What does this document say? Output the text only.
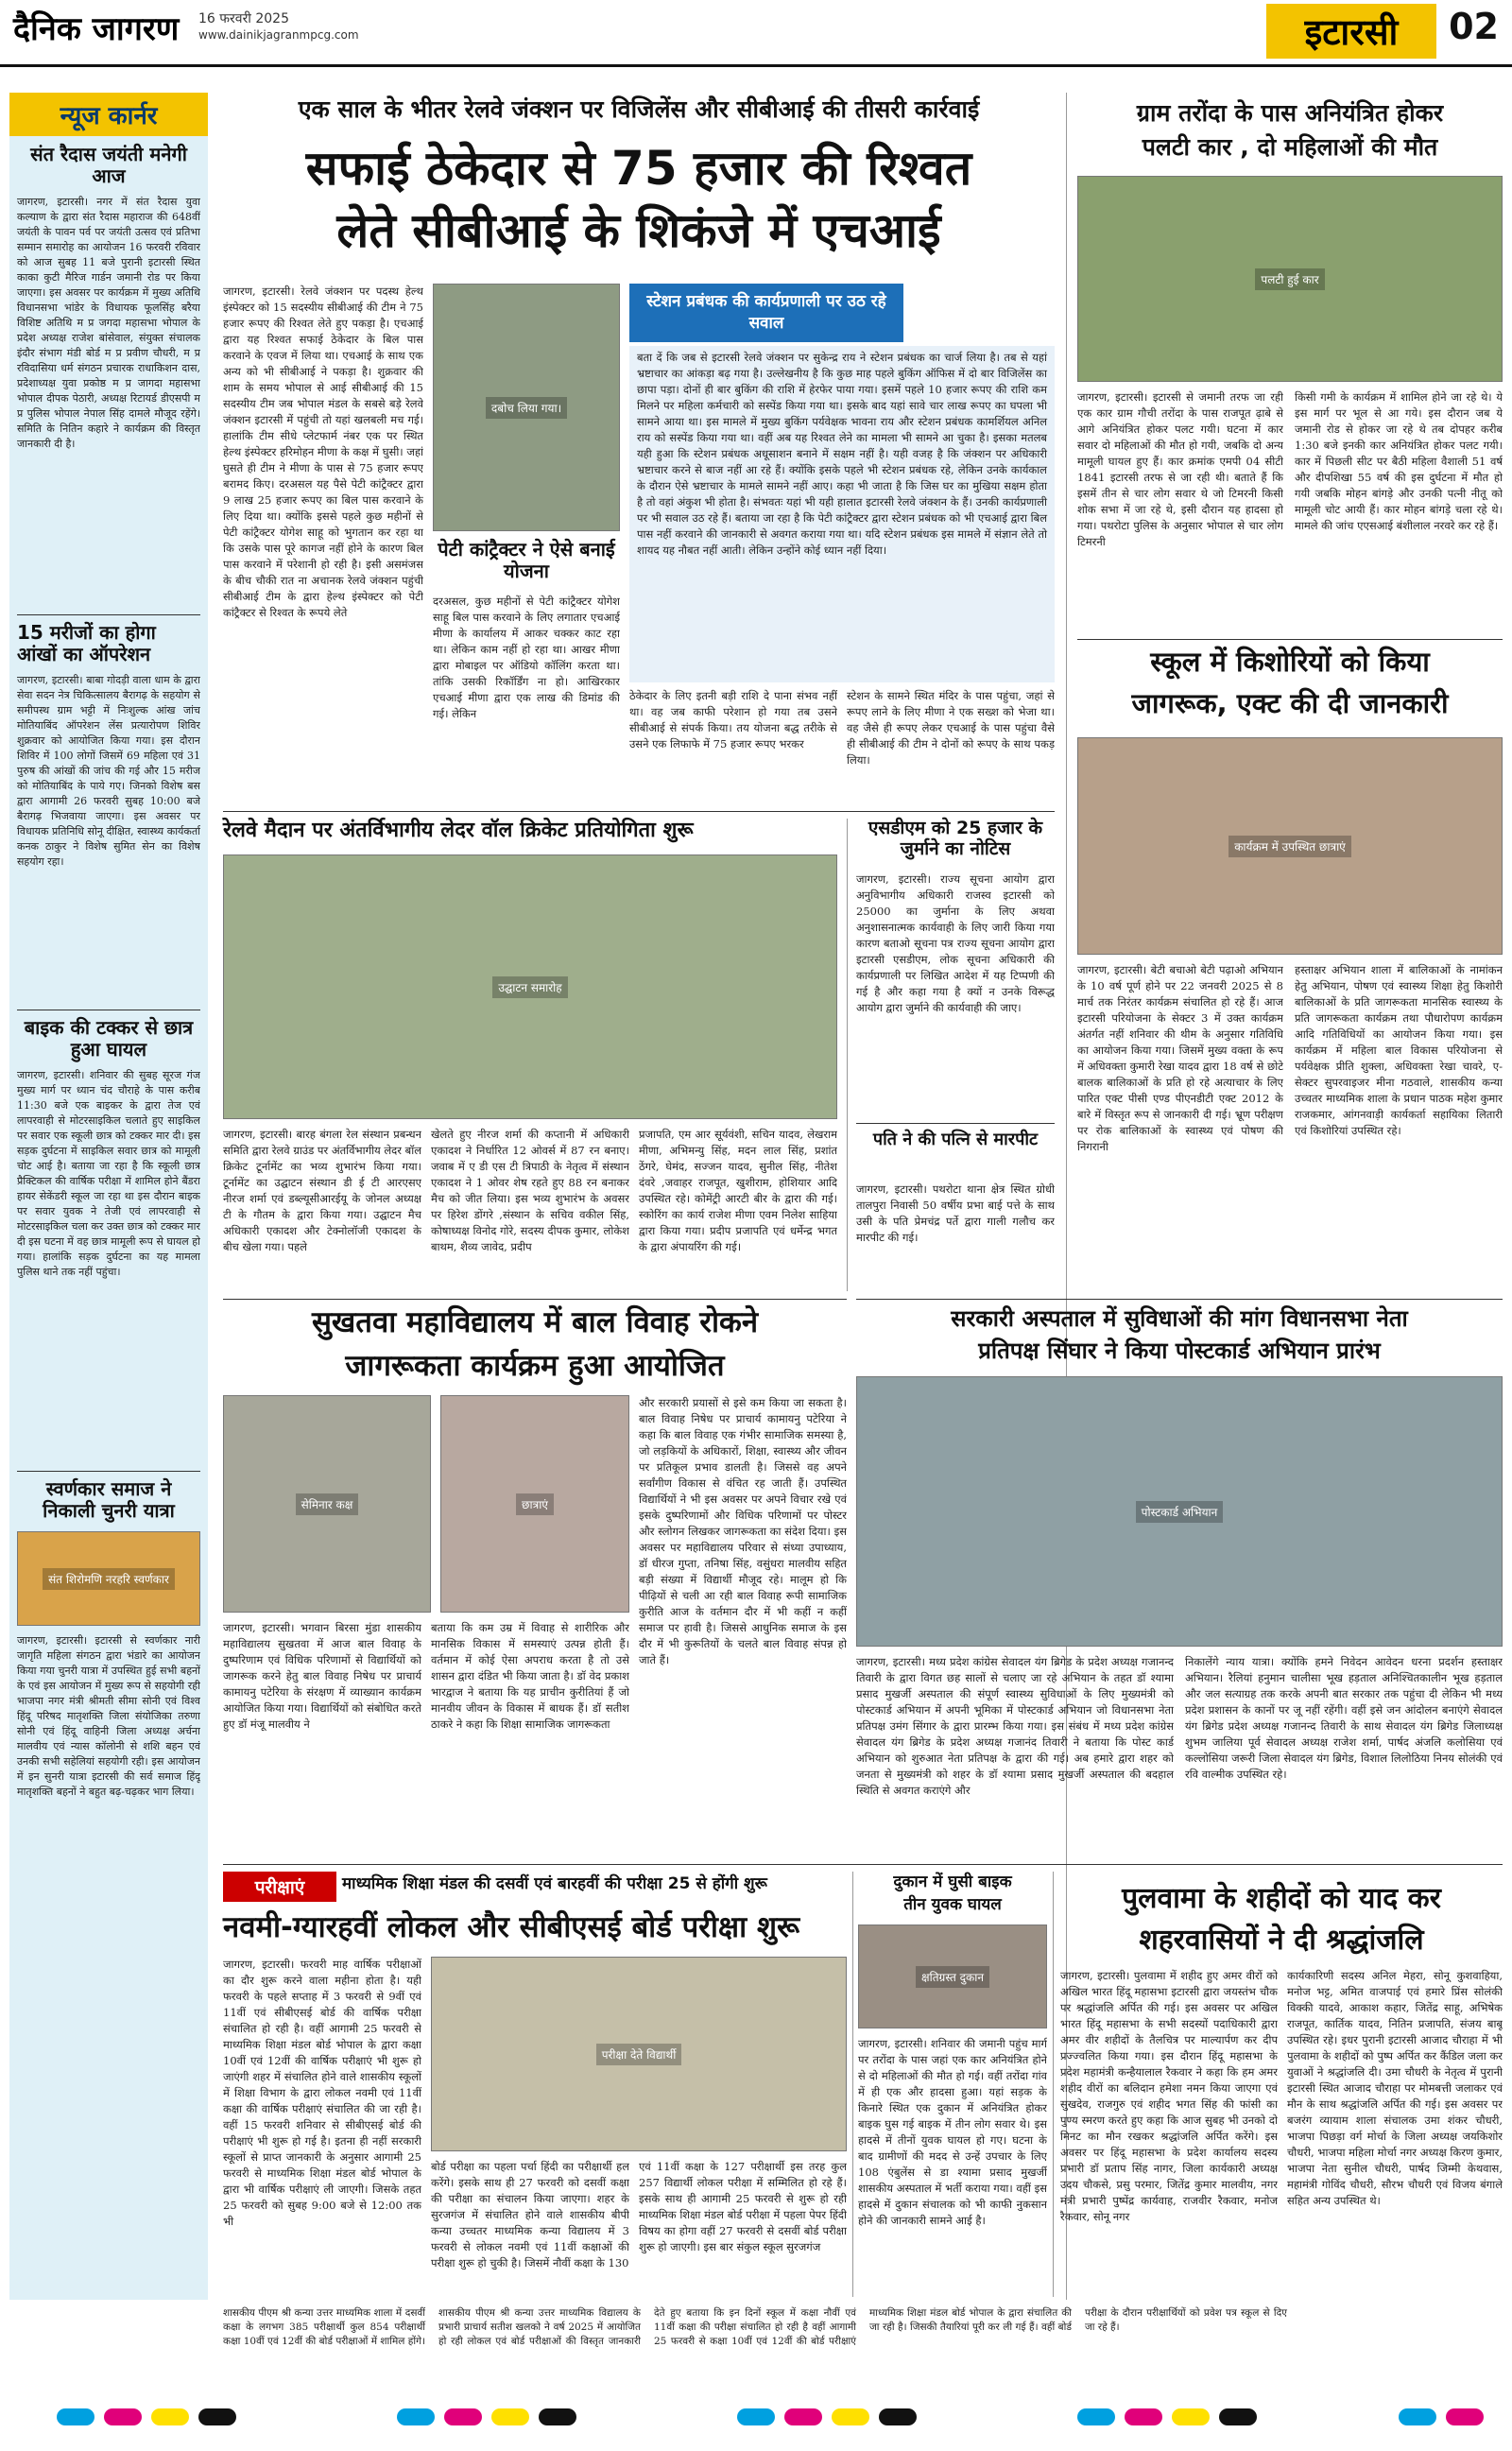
दैनिक जागरण 16 फरवरी 2025
www.dainikjagranmpcg.com	इटारसी	02
न्यूज कार्नर
संत रैदास जयंती मनेगी आज
जागरण, इटारसी। नगर में संत रैदास युवा कल्याण के द्वारा संत रैदास महाराज की 648वीं जयंती के पावन पर्व पर जयंती उत्सव एवं प्रतिभा सम्मान समारोह का आयोजन 16 फरवरी रविवार को आज सुबह 11 बजे पुरानी इटारसी स्थित काका कुटी मैरिज गार्डन जमानी रोड पर किया जाएगा। इस अवसर पर कार्यक्रम में मुख्य अतिथि विधानसभा भांडेर के विधायक फूलसिंह बरैया विशिष्ट अतिथि म प्र जगदा महासभा भोपाल के प्रदेश अध्यक्ष राजेश बांसेवाल, संयुक्त संचालक इंदौर संभाग मंडी बोर्ड म प्र प्रवीण चौधरी, म प्र रविदासिया धर्म संगठन प्रचारक राधाकिशन दास, प्रदेशाध्यक्ष युवा प्रकोष्ठ म प्र जागदा महासभा भोपाल दीपक पेठारी, अध्यक्ष रिटायर्ड डीएसपी म प्र पुलिस भोपाल नेपाल सिंह दामले मौजूद रहेंगे। समिति के नितिन कहारे ने कार्यक्रम की विस्तृत जानकारी दी है।
15 मरीजों का होगा आंखों का ऑपरेशन
जागरण, इटारसी। बाबा गोदड़ी वाला धाम के द्वारा सेवा सदन नेत्र चिकित्सालय बैरागढ़ के सहयोग से समीपस्थ ग्राम भट्टी में निःशुल्क आंख जांच मोतियाबिंद ऑपरेशन लेंस प्रत्यारोपण शिविर शुक्रवार को आयोजित किया गया। इस दौरान शिविर में 100 लोगों जिसमें 69 महिला एवं 31 पुरुष की आंखों की जांच की गई और 15 मरीज को मोतियाबिंद के पाये गए। जिनको विशेष बस द्वारा आगामी 26 फरवरी सुबह 10:00 बजे बैरागढ़ भिजवाया जाएगा। इस अवसर पर विधायक प्रतिनिधि सोनू दीक्षित, स्वास्थ्य कार्यकर्ता कनक ठाकुर ने विशेष सुमित सेन का विशेष सहयोग रहा।
बाइक की टक्कर से छात्र हुआ घायल
जागरण, इटारसी। शनिवार की सुबह सूरज गंज मुख्य मार्ग पर ध्यान चंद चौराहे के पास करीब 11:30 बजे एक बाइकर के द्वारा तेज एवं लापरवाही से मोटरसाइकिल चलाते हुए साइकिल पर सवार एक स्कूली छात्र को टक्कर मार दी। इस सड़क दुर्घटना में साइकिल सवार छात्र को मामूली चोट आई है। बताया जा रहा है कि स्कूली छात्र प्रैक्टिकल की वार्षिक परीक्षा में शामिल होने बैंडरा हायर सेकेंडरी स्कूल जा रहा था इस दौरान बाइक पर सवार युवक ने तेजी एवं लापरवाही से मोटरसाइकिल चला कर उक्त छात्र को टक्कर मार दी इस घटना में वह छात्र मामूली रूप से घायल हो गया। हालांकि सड़क दुर्घटना का यह मामला पुलिस थाने तक नहीं पहुंचा।
स्वर्णकार समाज ने निकाली चुनरी यात्रा
संत शिरोमणि नरहरि स्वर्णकार
जागरण, इटारसी। इटारसी से स्वर्णकार नारी जागृति महिला संगठन द्वारा भंडारे का आयोजन किया गया चुनरी यात्रा में उपस्थित हुई सभी बहनों के एवं इस आयोजन में मुख्य रूप से सहयोगी रही भाजपा नगर मंत्री श्रीमती सीमा सोनी एवं विश्व हिंदू परिषद मातृशक्ति जिला संयोजिका तरुणा सोनी एवं हिंदू वाहिनी जिला अध्यक्ष अर्चना मालवीय एवं न्यास कॉलोनी से शशि बहन एवं उनकी सभी सहेलियां सहयोगी रही। इस आयोजन में इन सुनरी यात्रा इटारसी की सर्व समाज हिंदू मातृशक्ति बहनों ने बहुत बढ़-चढ़कर भाग लिया।
एक साल के भीतर रेलवे जंक्शन पर विजिलेंस और सीबीआई की तीसरी कार्रवाई
सफाई ठेकेदार से 75 हजार की रिश्वत
लेते सीबीआई के शिकंजे में एचआई
जागरण, इटारसी। रेलवे जंक्शन पर पदस्थ हेल्थ इंस्पेक्टर को 15 सदस्यीय सीबीआई की टीम ने 75 हजार रूपए की रिश्वत लेते हुए पकड़ा है। एचआई द्वारा यह रिश्वत सफाई ठेकेदार के बिल पास करवाने के एवज में लिया था। एचआई के साथ एक अन्य को भी सीबीआई ने पकड़ा है। शुक्रवार की शाम के समय भोपाल से आई सीबीआई की 15 सदस्यीय टीम जब भोपाल मंडल के सबसे बड़े रेलवे जंक्शन इटारसी में पहुंची तो यहां खलबली मच गई। हालांकि टीम सीधे प्लेटफार्म नंबर एक पर स्थित हेल्थ इंस्पेक्टर हरिमोहन मीणा के कक्ष में घुसी। जहां घुसते ही टीम ने मीणा के पास से 75 हजार रूपए बरामद किए। दरअसल यह पैसे पेटी कांट्रैक्टर द्वारा 9 लाख 25 हजार रूपए का बिल पास करवाने के लिए दिया था। क्योंकि इससे पहले कुछ महीनों से पेटी कांट्रैक्टर योगेश साहू को भुगतान कर रहा था कि उसके पास पूरे कागज नहीं होने के कारण बिल पास करवाने में परेशानी हो रही है। इसी असमंजस के बीच चौकी रात ना अचानक रेलवे जंक्शन पहुंची सीबीआई टीम के द्वारा हेल्थ इंस्पेक्टर को पेटी कांट्रैक्टर से रिश्वत के रूपये लेते
दबोच लिया गया।
पेटी कांट्रैक्टर ने ऐसे बनाई योजना
दरअसल, कुछ महीनों से पेटी कांट्रैक्टर योगेश साहू बिल पास करवाने के लिए लगातार एचआई मीणा के कार्यालय में आकर चक्कर काट रहा था। लेकिन काम नहीं हो रहा था। आखर मीणा द्वारा मोबाइल पर ऑडियो कॉलिंग करता था। तांकि उसकी रिकॉर्डिंग ना हो। आखिरकार एचआई मीणा द्वारा एक लाख की डिमांड की गई। लेकिन
स्टेशन प्रबंधक की कार्यप्रणाली पर उठ रहे सवाल
बता दें कि जब से इटारसी रेलवे जंक्शन पर सुकेन्द्र राय ने स्टेशन प्रबंधक का चार्ज लिया है। तब से यहां भ्रष्टाचार का आंकड़ा बढ़ गया है। उल्लेखनीय है कि कुछ माह पहले बुकिंग ऑफिस में दो बार विजिलेंस का छापा पड़ा। दोनों ही बार बुकिंग की राशि में हेरफेर पाया गया। इसमें पहले 10 हजार रूपए की राशि कम मिलने पर महिला कर्मचारी को सस्पेंड किया गया था। इसके बाद यहां सावे चार लाख रूपए का घपला भी सामने आया था। इस मामले में मुख्य बुकिंग पर्यवेक्षक भावना राय और स्टेशन प्रबंधक कामर्शियल अनिल राय को सस्पेंड किया गया था। वहीं अब यह रिश्वत लेने का मामला भी सामने आ चुका है। इसका मतलब यही हुआ कि स्टेशन प्रबंधक अधूसाशन बनाने में सक्षम नहीं है। यही वजह है कि जंक्शन पर अधिकारी भ्रष्टाचार करने से बाज नहीं आ रहे हैं। क्योंकि इसके पहले भी स्टेशन प्रबंधक रहे, लेकिन उनके कार्यकाल के दौरान ऐसे भ्रष्टाचार के मामले सामने नहीं आए। कहा भी जाता है कि जिस घर का मुखिया सक्षम होता है तो वहां अंकुश भी होता है। संभवतः यहां भी यही हालात इटारसी रेलवे जंक्शन के हैं। उनकी कार्यप्रणाली पर भी सवाल उठ रहे हैं। बताया जा रहा है कि पेटी कांट्रैक्टर द्वारा स्टेशन प्रबंधक को भी एचआई द्वारा बिल पास नहीं करवाने की जानकारी से अवगत कराया गया था। यदि स्टेशन प्रबंधक इस मामले में संज्ञान लेते तो शायद यह नौबत नहीं आती। लेकिन उन्होंने कोई ध्यान नहीं दिया।
ठेकेदार के लिए इतनी बड़ी राशि दे पाना संभव नहीं था। वह जब काफी परेशान हो गया तब उसने सीबीआई से संपर्क किया। तय योजना बद्ध तरीके से उसने एक लिफाफे में 75 हजार रूपए भरकर
स्टेशन के सामने स्थित मंदिर के पास पहुंचा, जहां से रूपए लाने के लिए मीणा ने एक सख्श को भेजा था। वह जैसे ही रूपए लेकर एचआई के पास पहुंचा वैसे ही सीबीआई की टीम ने दोनों को रूपए के साथ पकड़ लिया।
ग्राम तरोंदा के पास अनियंत्रित होकर
पलटी कार , दो महिलाओं की मौत
पलटी हुई कार
जागरण, इटारसी। इटारसी से जमानी तरफ जा रही एक कार ग्राम गौची तरोंदा के पास राजपूत ढ़ाबे से आगे अनियंत्रित होकर पलट गयी। घटना में कार सवार दो महिलाओं की मौत हो गयी, जबकि दो अन्य मामूली घायल हुए हैं। कार क्रमांक एमपी 04 सीटी 1841 इटारसी तरफ से जा रही थी। बताते हैं कि इसमें तीन से चार लोग सवार थे जो टिमरनी किसी शोक सभा में जा रहे थे, इसी दौरान यह हादसा हो गया। पथरोटा पुलिस के अनुसार भोपाल से चार लोग टिमरनी
किसी गमी के कार्यक्रम में शामिल होने जा रहे थे। ये इस मार्ग पर भूल से आ गये। इस दौरान जब ये जमानी रोड से होकर जा रहे थे तब दोपहर करीब 1:30 बजे इनकी कार अनियंत्रित होकर पलट गयी। कार में पिछली सीट पर बैठी महिला वैशाली 51 वर्ष और दीपशिखा 55 वर्ष की इस दुर्घटना में मौत हो गयी जबकि मोहन बांगड़े और उनकी पत्नी नीतू को मामूली चोट आयी हैं। कार मोहन बांगड़े चला रहे थे। मामले की जांच एएसआई बंशीलाल नरवरे कर रहे हैं।
स्कूल में किशोरियों को किया
जागरूक, एक्ट की दी जानकारी
कार्यक्रम में उपस्थित छात्राएं
जागरण, इटारसी। बेटी बचाओ बेटी पढ़ाओ अभियान के 10 वर्ष पूर्ण होने पर 22 जनवरी 2025 से 8 मार्च तक निरंतर कार्यक्रम संचालित हो रहे हैं। आज इटारसी परियोजना के सेक्टर 3 में उक्त कार्यक्रम अंतर्गत नहीं शनिवार की थीम के अनुसार गतिविधि का आयोजन किया गया। जिसमें मुख्य वक्ता के रूप में अधिवक्ता कुमारी रेखा यादव द्वारा 18 वर्ष से छोटे बालक बालिकाओं के प्रति हो रहे अत्याचार के लिए पारित एक्ट पीसी एण्ड पीएनडीटी एक्ट 2012 के बारे में विस्तृत रूप से जानकारी दी गई। भ्रूण परीक्षण पर रोक बालिकाओं के स्वास्थ्य एवं पोषण की निगरानी
हस्ताक्षर अभियान शाला में बालिकाओं के नामांकन हेतु अभियान, पोषण एवं स्वास्थ्य शिक्षा हेतु किशोरी बालिकाओं के प्रति जागरूकता मानसिक स्वास्थ्य के प्रति जागरूकता कार्यक्रम तथा पौधारोपण कार्यक्रम आदि गतिविधियों का आयोजन किया गया। इस कार्यक्रम में महिला बाल विकास परियोजना से पर्यवेक्षक प्रीति शुक्ला, अधिवक्ता रेखा चावरे, ए-सेक्टर सुपरवाइजर मीना गठवाले, शासकीय कन्या उच्चतर माध्यमिक शाला के प्रधान पाठक महेश कुमार राजकमार, आंगनवाड़ी कार्यकर्ता सहायिका लितारी एवं किशोरियां उपस्थित रहे।
रेलवे मैदान पर अंतर्विभागीय लेदर वॉल क्रिकेट प्रतियोगिता शुरू
उद्घाटन समारोह
जागरण, इटारसी। बारह बंगला रेल संस्थान प्रबन्धन समिति द्वारा रेलवे ग्राउंड पर अंतर्विभागीय लेदर बॉल क्रिकेट टूर्नामेंट का भव्य शुभारंभ किया गया। टूर्नामेंट का उद्घाटन संस्थान डी ई टी आरएसए नीरज शर्मा एवं डब्ल्यूसीआरईयू के जोनल अध्यक्ष टी के गौतम के द्वारा किया गया। उद्घाटन मैच अधिकारी एकादश और टेक्नोलॉजी एकादश के बीच खेला गया। पहले
खेलते हुए नीरज शर्मा की कप्तानी में अधिकारी एकादश ने निर्धारित 12 ओवर्स में 87 रन बनाए। जवाब में ए डी एस टी त्रिपाठी के नेतृत्व में संस्थान एकादश ने 1 ओवर शेष रहते हुए 88 रन बनाकर मैच को जीत लिया। इस भव्य शुभारंभ के अवसर पर हिरेश डोंगरे ,संस्थान के सचिव वकील सिंह, कोषाध्यक्ष विनोद गोरे, सदस्य दीपक कुमार, लोकेश बाथम, शैव्य जावेद, प्रदीप
प्रजापति, एम आर सूर्यवंशी, सचिन यादव, लेखराम मीणा, अभिमन्यु सिंह, मदन लाल सिंह, प्रशांत ठेंगरे, घेमंद, सज्जन यादव, सुनील सिंह, नीतेश दंवरे ,जवाहर राजपूत, खुशीराम, होशियार आदि उपस्थित रहे। कोमेंट्री आरटी बीर के द्वारा की गई। स्कोरिंग का कार्य राजेश मीणा एवम निलेश साहिया द्वारा किया गया। प्रदीप प्रजापति एवं धर्मेन्द्र भगत के द्वारा अंपायरिंग की गई।
एसडीएम को 25 हजार के जुर्माने का नोटिस
जागरण, इटारसी। राज्य सूचना आयोग द्वारा अनुविभागीय अधिकारी राजस्व इटारसी को 25000 का जुर्माना के लिए अथवा अनुशासनात्मक कार्यवाही के लिए जारी किया गया कारण बताओ सूचना पत्र राज्य सूचना आयोग द्वारा इटारसी एसडीएम, लोक सूचना अधिकारी की कार्यप्रणाली पर लिखित आदेश में यह टिप्पणी की गई है और कहा गया है क्यों न उनके विरूद्ध आयोग द्वारा जुर्माने की कार्यवाही की जाए।
पति ने की पत्नि से मारपीट
जागरण, इटारसी। पथरोटा थाना क्षेत्र स्थित ग्रोधी तालपुरा निवासी 50 वर्षीय प्रभा बाई पत्ते के साथ उसी के पति प्रेमचंद्र पर्ते द्वारा गाली गलौच कर मारपीट की गई।
सरकारी अस्पताल में सुविधाओं की मांग विधानसभा नेता
प्रतिपक्ष सिंघार ने किया पोस्टकार्ड अभियान प्रारंभ
पोस्टकार्ड अभियान
जागरण, इटारसी। मध्य प्रदेश कांग्रेस सेवादल यंग ब्रिगेड के प्रदेश अध्यक्ष गजानन्द तिवारी के द्वारा विगत छह सालों से चलाए जा रहे अभियान के तहत डॉ श्यामा प्रसाद मुखर्जी अस्पताल की संपूर्ण स्वास्थ्य सुविधाओं के लिए मुख्यमंत्री को पोस्टकार्ड अभियान में अपनी भूमिका में पोस्टकार्ड अभियान जो विधानसभा नेता प्रतिपक्ष उमंग सिंगार के द्वारा प्रारम्भ किया गया। इस संबंध में मध्य प्रदेश कांग्रेस सेवादल यंग ब्रिगेड के प्रदेश अध्यक्ष गजानंद तिवारी ने बताया कि पोस्ट कार्ड अभियान को शुरुआत नेता प्रतिपक्ष के द्वारा की गई। अब हमारे द्वारा शहर को जनता से मुख्यमंत्री को शहर के डॉ श्यामा प्रसाद मुखर्जी अस्पताल की बदहाल स्थिति से अवगत कराएंगे और
निकालेंगे न्याय यात्रा। क्योंकि हमने निवेदन आवेदन धरना प्रदर्शन हस्ताक्षर अभियान। रैलियां हनुमान चालीसा भूख हड़ताल अनिश्चितकालीन भूख हड़ताल और जल सत्याग्रह तक करके अपनी बात सरकार तक पहुंचा दी लेकिन भी मध्य प्रदेश प्रशासन के कानों पर जू नहीं रहेंगी। वहीं इसे जन आंदोलन बनाएंगे सेवादल यंग ब्रिगेड प्रदेश अध्यक्ष गजानन्द तिवारी के साथ सेवादल यंग ब्रिगेड जिलाध्यक्ष शुभम जालिया पूर्व सेवादल अध्यक्ष राजेश शर्मा, पार्षद अंजलि कलोसिया एवं कल्लोसिया जरूरी जिला सेवादल यंग ब्रिगेड, विशाल लिलोठिया निनय सोलंकी एवं रवि वाल्मीक उपस्थित रहे।
सुखतवा महाविद्यालय में बाल विवाह रोकने
जागरूकता कार्यक्रम हुआ आयोजित
सेमिनार कक्ष	छात्राएं
जागरण, इटारसी। भगवान बिरसा मुंडा शासकीय महाविद्यालय सुखतवा में आज बाल विवाह के दुष्परिणाम एवं विधिक परिणामों से विद्यार्थियों को जागरूक करने हेतु बाल विवाह निषेध पर प्राचार्य कामायनु पटेरिया के संरक्षण में व्याख्यान कार्यक्रम आयोजित किया गया। विद्यार्थियों को संबोधित करते हुए डॉ मंजू मालवीय ने
बताया कि कम उम्र में विवाह से शारीरिक और मानसिक विकास में समस्याएं उत्पन्न होती हैं। वर्तमान में कोई ऐसा अपराध करता है तो उसे शासन द्वारा दंडित भी किया जाता है। डॉ वेद प्रकाश भारद्वाज ने बताया कि यह प्राचीन कुरीतियां हैं जो मानवीय जीवन के विकास में बाधक हैं। डॉ सतीश ठाकरे ने कहा कि शिक्षा सामाजिक जागरूकता
और सरकारी प्रयासों से इसे कम किया जा सकता है। बाल विवाह निषेध पर प्राचार्य कामायनु पटेरिया ने कहा कि बाल विवाह एक गंभीर सामाजिक समस्या है, जो लड़कियों के अधिकारों, शिक्षा, स्वास्थ्य और जीवन पर प्रतिकूल प्रभाव डालती है। जिससे वह अपने सर्वांगीण विकास से वंचित रह जाती हैं। उपस्थित विद्यार्थियों ने भी इस अवसर पर अपने विचार रखे एवं इसके दुष्परिणामों और विधिक परिणामों पर पोस्टर और स्लोगन लिखकर जागरूकता का संदेश दिया। इस अवसर पर महाविद्यालय परिवार से संध्या उपाध्याय, डॉ धीरज गुप्ता, तनिषा सिंह, वसुंधरा मालवीय सहित बड़ी संख्या में विद्यार्थी मौजूद रहे। मालूम हो कि पीढ़ियों से चली आ रही बाल विवाह रूपी सामाजिक कुरीति आज के वर्तमान दौर में भी कहीं न कहीं समाज पर हावी है। जिससे आधुनिक समाज के इस दौर में भी कुरूतियों के चलते बाल विवाह संपन्न हो जाते हैं।
परीक्षाएं	माध्यमिक शिक्षा मंडल की दसवीं एवं बारहवीं की परीक्षा 25 से होंगी शुरू
नवमी-ग्यारहवीं लोकल और सीबीएसई बोर्ड परीक्षा शुरू
जागरण, इटारसी। फरवरी माह वार्षिक परीक्षाओं का दौर शुरू करने वाला महीना होता है। यही फरवरी के पहले सप्ताह में 3 फरवरी से 9वीं एवं 11वीं एवं सीबीएसई बोर्ड की वार्षिक परीक्षा संचालित हो रही है। वहीं आगामी 25 फरवरी से माध्यमिक शिक्षा मंडल बोर्ड भोपाल के द्वारा कक्षा 10वीं एवं 12वीं की वार्षिक परीक्षाएं भी शुरू हो जाएंगी शहर में संचालित होने वाले शासकीय स्कूलों में शिक्षा विभाग के द्वारा लोकल नवमी एवं 11वीं कक्षा की वार्षिक परीक्षाएं संचालित की जा रही है। वहीं 15 फरवरी शनिवार से सीबीएसई बोर्ड की परीक्षाएं भी शुरू हो गई है। इतना ही नहीं सरकारी स्कूलों से प्राप्त जानकारी के अनुसार आगामी 25 फरवरी से माध्यमिक शिक्षा मंडल बोर्ड भोपाल के द्वारा भी वार्षिक परीक्षाएं ली जाएगी। जिसके तहत 25 फरवरी को सुबह 9:00 बजे से 12:00 तक भी
परीक्षा देते विद्यार्थी
बोर्ड परीक्षा का पहला पर्चा हिंदी का परीक्षार्थी हल करेंगे। इसके साथ ही 27 फरवरी को दसवीं कक्षा की परीक्षा का संचालन किया जाएगा। शहर के सुरजगंज में संचालित होने वाले शासकीय बीपी कन्या उच्चतर माध्यमिक कन्या विद्यालय में 3 फरवरी से लोकल नवमी एवं 11वीं कक्षाओं की परीक्षा शुरू हो चुकी है। जिसमें नौवीं कक्षा के 130
एवं 11वीं कक्षा के 127 परीक्षार्थी इस तरह कुल 257 विद्यार्थी लोकल परीक्षा में सम्मिलित हो रहे हैं। इसके साथ ही आगामी 25 फरवरी से शुरू हो रही माध्यमिक शिक्षा मंडल बोर्ड परीक्षा में पहला पेपर हिंदी विषय का होगा वहीं 27 फरवरी से दसवीं बोर्ड परीक्षा शुरू हो जाएगी। इस बार संकुल स्कूल सुरजगंज
दुकान में घुसी बाइक
तीन युवक घायल
क्षतिग्रस्त दुकान
जागरण, इटारसी। शनिवार की जमानी पहुंच मार्ग पर तरोंदा के पास जहां एक कार अनियंत्रित होने से दो महिलाओं की मौत हो गई। वहीं तरोंदा गांव में ही एक और हादसा हुआ। यहां सड़क के किनारे स्थित एक दुकान में अनियंत्रित होकर बाइक घुस गई बाइक में तीन लोग सवार थे। इस हादसे में तीनों युवक घायल हो गए। घटना के बाद ग्रामीणों की मदद से उन्हें उपचार के लिए 108 एंबुलेंस से डा श्यामा प्रसाद मुखर्जी शासकीय अस्पताल में भर्ती कराया गया। वहीं इस हादसे में दुकान संचालक को भी काफी नुकसान होने की जानकारी सामने आई है।
पुलवामा के शहीदों को याद कर
शहरवासियों ने दी श्रद्धांजलि
जागरण, इटारसी। पुलवामा में शहीद हुए अमर वीरों को अखिल भारत हिंदू महासभा इटारसी द्वारा जयस्तंभ चौक पर श्रद्धांजलि अर्पित की गई। इस अवसर पर अखिल भारत हिंदू महासभा के सभी सदस्यों पदाधिकारी द्वारा अमर वीर शहीदों के तैलचित्र पर माल्यार्पण कर दीप प्रज्ज्वलित किया गया। इस दौरान हिंदू महासभा के प्रदेश महामंत्री कन्हैयालाल रैकवार ने कहा कि हम अमर शहीद वीरों का बलिदान हमेशा नमन किया जाएगा एवं सुखदेव, राजगुरु एवं शहीद भगत सिंह की फांसी का पुण्य स्मरण करते हुए कहा कि आज सुबह भी उनको दो मिनट का मौन रखकर श्रद्धांजलि अर्पित करेंगे। इस अवसर पर हिंदू महासभा के प्रदेश कार्यालय सदस्य प्रभारी डॉ प्रताप सिंह नागर, जिला कार्यकारी अध्यक्ष उदय चौकसे, प्रसु परमार, जितेंद्र कुमार मालवीय, नगर मंत्री प्रभारी पुष्पेंद्र कार्यवाह, राजवीर रैकवार, मनोज रैकवार, सोनू नगर
कार्यकारिणी सदस्य अनिल मेहरा, सोनू कुशवाहिया, मनोज भट्ट, अमित वाजपाई एवं हमारे प्रिंस सोलंकी विक्की यादवे, आकाश कहार, जितेंद्र साहू, अभिषेक राजपूत, कार्तिक यादव, नितिन प्रजापति, संजय बाबू उपस्थित रहे। इधर पुरानी इटारसी आजाद चौराहा में भी पुलवामा के शहीदों को पुष्प अर्पित कर कैंडिल जला कर युवाओं ने श्रद्धांजलि दी। उमा चौधरी के नेतृत्व में पुरानी इटारसी स्थित आजाद चौराहा पर मोमबत्ती जलाकर एवं मौन के साथ श्रद्धांजलि अर्पित की गई। इस अवसर पर बजरंग व्यायाम शाला संचालक उमा शंकर चौधरी, भाजपा पिछड़ा वर्ग मोर्चा के जिला अध्यक्ष जयकिशोर चौधरी, भाजपा महिला मोर्चा नगर अध्यक्ष किरण कुमार, भाजपा नेता सुनील चौधरी, पार्षद जिम्मी केथवास, महामंत्री गोविंद चौधरी, सौरभ चौधरी एवं विजय बंगाले सहित अन्य उपस्थित थे।
शासकीय पीएम श्री कन्या उत्तर माध्यमिक शाला में दसवीं कक्षा के लगभग 385 परीक्षार्थी कुल 854 परीक्षार्थी कक्षा 10वीं एवं 12वीं की बोर्ड परीक्षाओं में शामिल होंगे। शासकीय पीएम श्री कन्या उत्तर माध्यमिक विद्यालय के प्रभारी प्राचार्य सतीश खलको ने वर्ष 2025 में आयोजित हो रही लोकल एवं बोर्ड परीक्षाओं की विस्तृत जानकारी देते हुए बताया कि इन दिनों स्कूल में कक्षा नौवीं एवं 11वीं कक्षा की परीक्षा संचालित हो रही है वहीं आगामी 25 फरवरी से कक्षा 10वीं एवं 12वीं की बोर्ड परीक्षाएं माध्यमिक शिक्षा मंडल बोर्ड भोपाल के द्वारा संचालित की जा रही है। जिसकी तैयारियां पूरी कर ली गई हैं। वहीं बोर्ड परीक्षा के दौरान परीक्षार्थियों को प्रवेश पत्र स्कूल से दिए जा रहे हैं।
